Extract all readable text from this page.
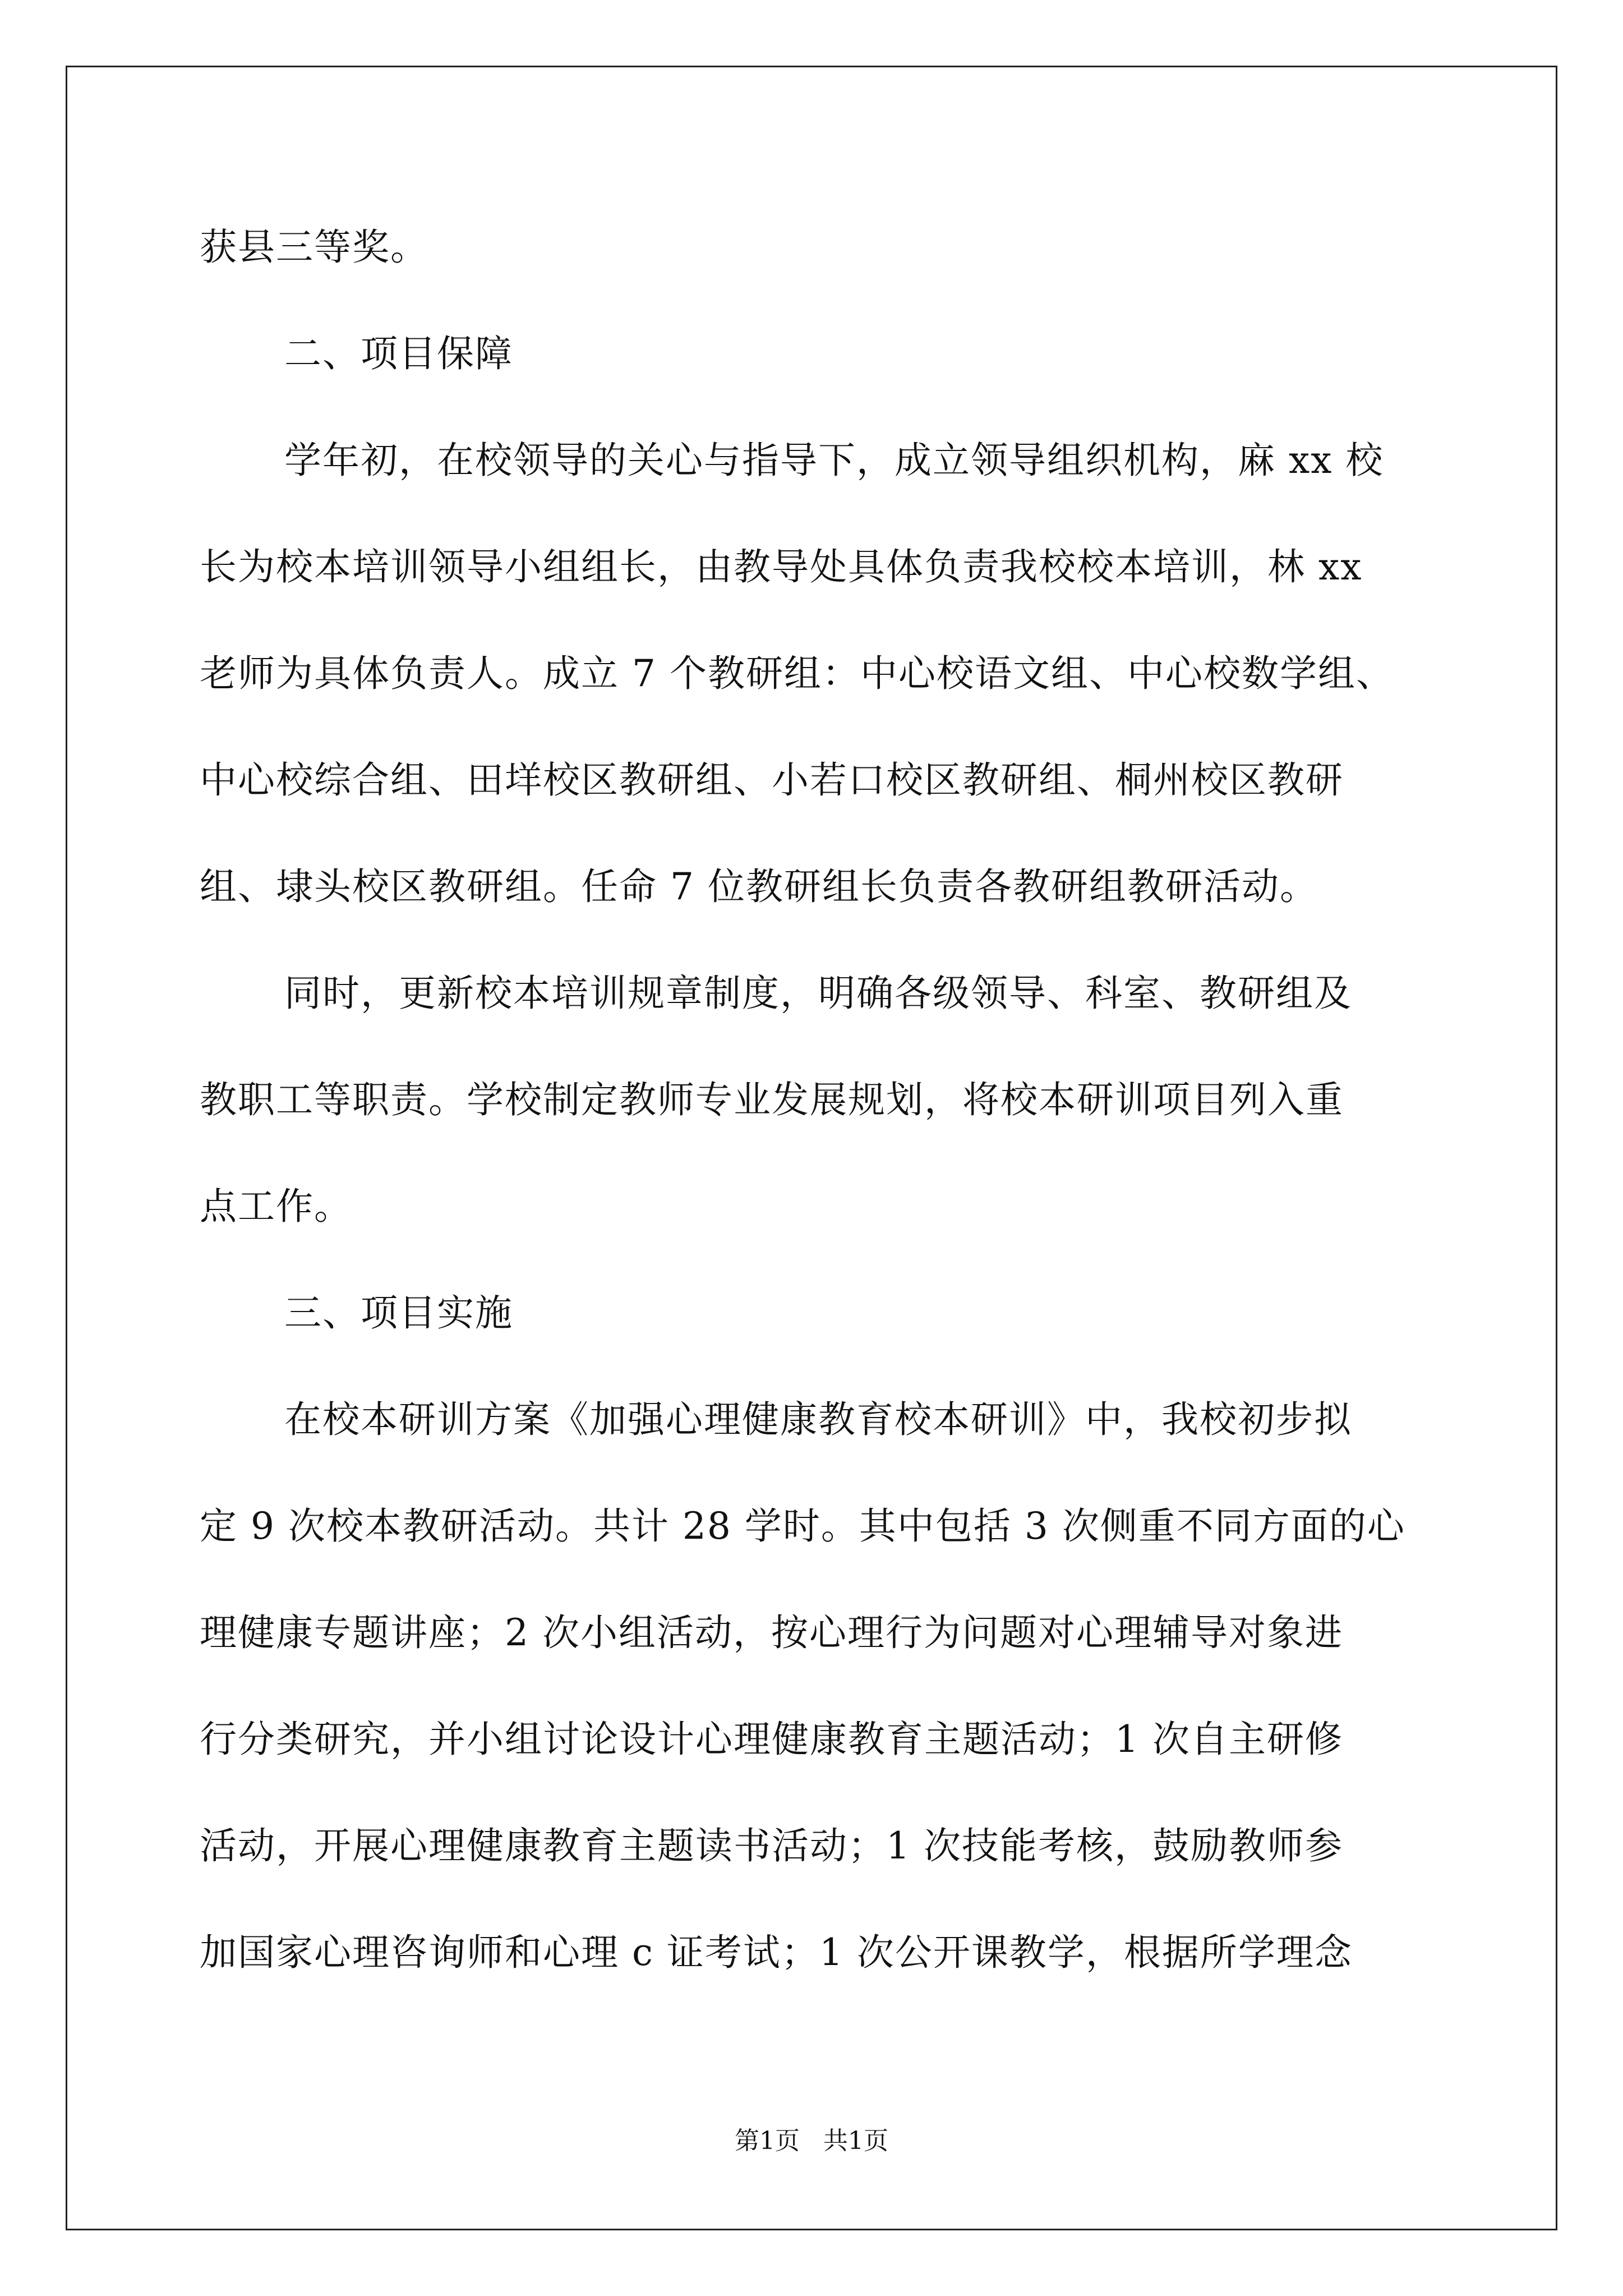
获县三等奖。
二、项目保障
学年初，在校领导的关心与指导下，成立领导组织机构，麻 xx 校
长为校本培训领导小组组长，由教导处具体负责我校校本培训，林 xx
老师为具体负责人。成立 7 个教研组：中心校语文组、中心校数学组、
中心校综合组、田垟校区教研组、小若口校区教研组、桐州校区教研
组、埭头校区教研组。任命 7 位教研组长负责各教研组教研活动。
同时，更新校本培训规章制度，明确各级领导、科室、教研组及
教职工等职责。学校制定教师专业发展规划，将校本研训项目列入重
点工作。
三、项目实施
在校本研训方案《加强心理健康教育校本研训》中，我校初步拟
定 9 次校本教研活动。共计 28 学时。其中包括 3 次侧重不同方面的心
理健康专题讲座；2 次小组活动，按心理行为问题对心理辅导对象进
行分类研究，并小组讨论设计心理健康教育主题活动；1 次自主研修
活动，开展心理健康教育主题读书活动；1 次技能考核，鼓励教师参
加国家心理咨询师和心理 c 证考试；1 次公开课教学，根据所学理念
第1页   共1页
